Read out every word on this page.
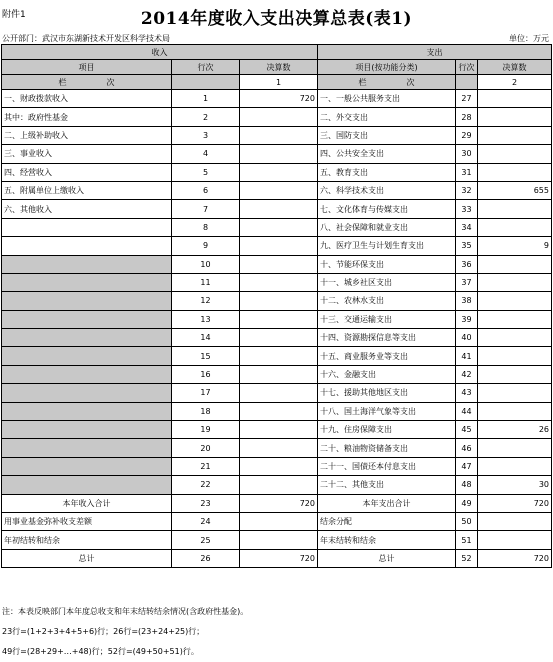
附件1	2014年度收入支出决算总表(表1)
公开部门：武汉市东湖新技术开发区科学技术局	单位：万元
收入			支出		
项目	行次	决算数	项目(按功能分类)	行次	决算数
栏 次		1	栏 次		2
一、财政拨款收入	1	720	一、一般公共服务支出	27	
其中：政府性基金	2		二、外交支出	28	
二、上级补助收入	3		三、国防支出	29	
三、事业收入	4		四、公共安全支出	30	
四、经营收入	5		五、教育支出	31	
五、附属单位上缴收入	6		六、科学技术支出	32	655
六、其他收入	7		七、文化体育与传媒支出	33	
	8		八、社会保障和就业支出	34	
	9		九、医疗卫生与计划生育支出	35	9
	10		十、节能环保支出	36	
	11		十一、城乡社区支出	37	
	12		十二、农林水支出	38	
	13		十三、交通运输支出	39	
	14		十四、资源勘探信息等支出	40	
	15		十五、商业服务业等支出	41	
	16		十六、金融支出	42	
	17		十七、援助其他地区支出	43	
	18		十八、国土海洋气象等支出	44	
	19		十九、住房保障支出	45	26
	20		二十、粮油物资储备支出	46	
	21		二十一、国债还本付息支出	47	
	22		二十二、其他支出	48	30
本年收入合计	23	720	本年支出合计	49	720
用事业基金弥补收支差额	24		结余分配	50	
年初结转和结余	25		年末结转和结余	51	
总计	26	720	总计	52	720
注：本表反映部门本年度总收支和年末结转结余情况(含政府性基金)。
23行=(1+2+3+4+5+6)行；26行=(23+24+25)行；
49行=(28+29+…+48)行；52行=(49+50+51)行。
